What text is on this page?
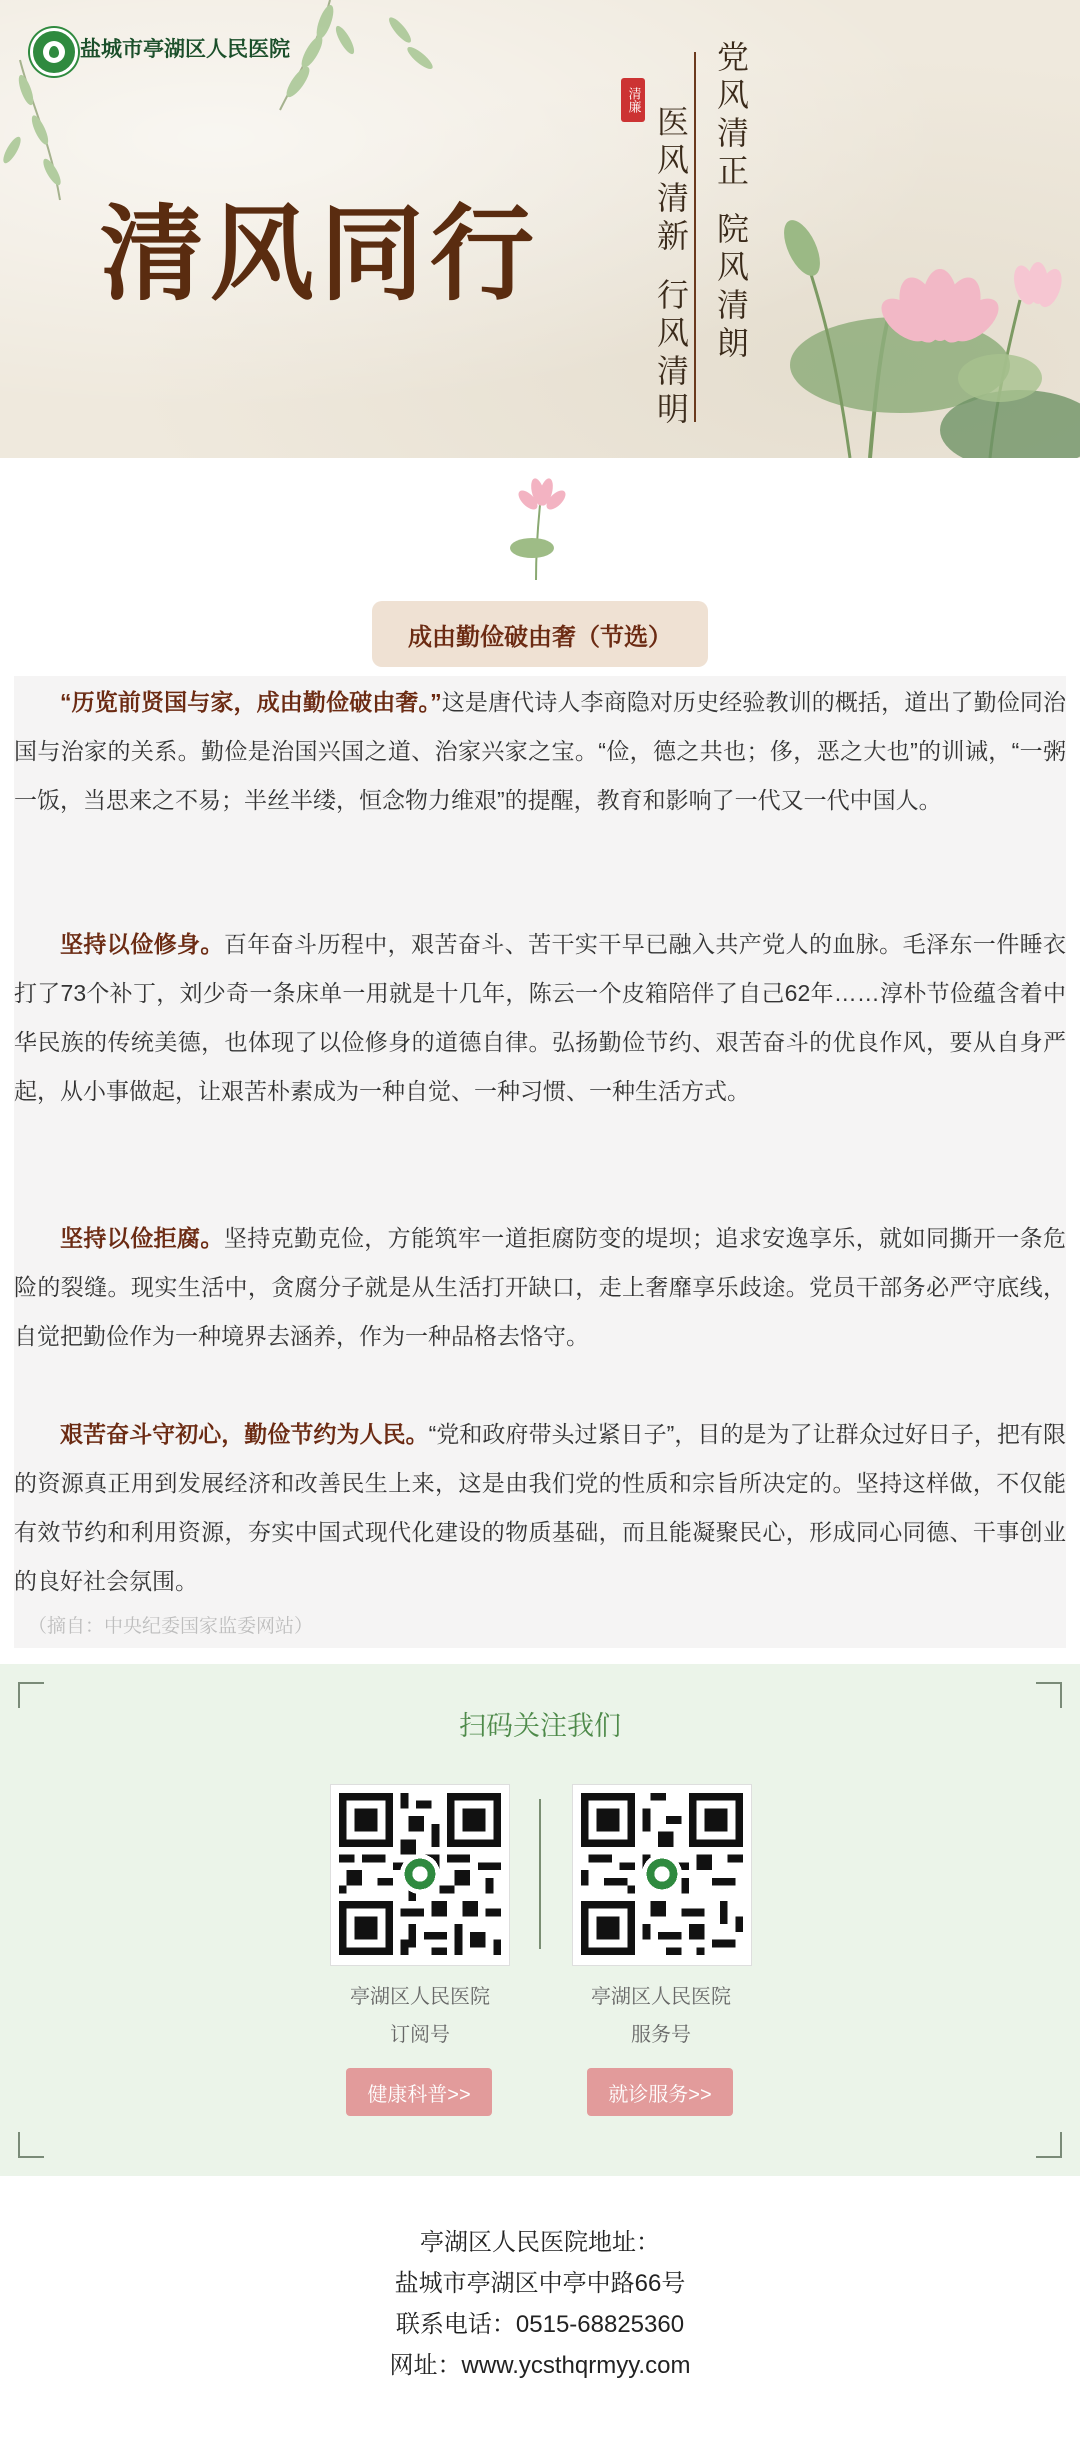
盐城市亭湖区人民医院
清风同行
清廉 党风清正
院风清朗
医风清新
行风清明
成由勤俭破由奢（节选）

“历览前贤国与家，成由勤俭破由奢。”这是唐代诗人李商隐对历史经验教训的概括，道出了勤俭同治国与治家的关系。勤俭是治国兴国之道、治家兴家之宝。“俭，德之共也；侈，恶之大也”的训诫，“一粥一饭，当思来之不易；半丝半缕，恒念物力维艰”的提醒，教育和影响了一代又一代中国人。

坚持以俭修身。百年奋斗历程中，艰苦奋斗、苦干实干早已融入共产党人的血脉。毛泽东一件睡衣打了73个补丁，刘少奇一条床单一用就是十几年，陈云一个皮箱陪伴了自己62年……淳朴节俭蕴含着中华民族的传统美德，也体现了以俭修身的道德自律。弘扬勤俭节约、艰苦奋斗的优良作风，要从自身严起，从小事做起，让艰苦朴素成为一种自觉、一种习惯、一种生活方式。

坚持以俭拒腐。坚持克勤克俭，方能筑牢一道拒腐防变的堤坝；追求安逸享乐，就如同撕开一条危险的裂缝。现实生活中，贪腐分子就是从生活打开缺口，走上奢靡享乐歧途。党员干部务必严守底线，自觉把勤俭作为一种境界去涵养，作为一种品格去恪守。

艰苦奋斗守初心，勤俭节约为人民。“党和政府带头过紧日子”，目的是为了让群众过好日子，把有限的资源真正用到发展经济和改善民生上来，这是由我们党的性质和宗旨所决定的。坚持这样做，不仅能有效节约和利用资源，夯实中国式现代化建设的物质基础，而且能凝聚民心，形成同心同德、干事创业的良好社会氛围。

（摘自：中央纪委国家监委网站）
扫码关注我们
亭湖区人民医院
订阅号
亭湖区人民医院
服务号
健康科普>>	就诊服务>>
亭湖区人民医院地址：
盐城市亭湖区中亭中路66号
联系电话：0515-68825360
网址：www.ycsthqrmyy.com
